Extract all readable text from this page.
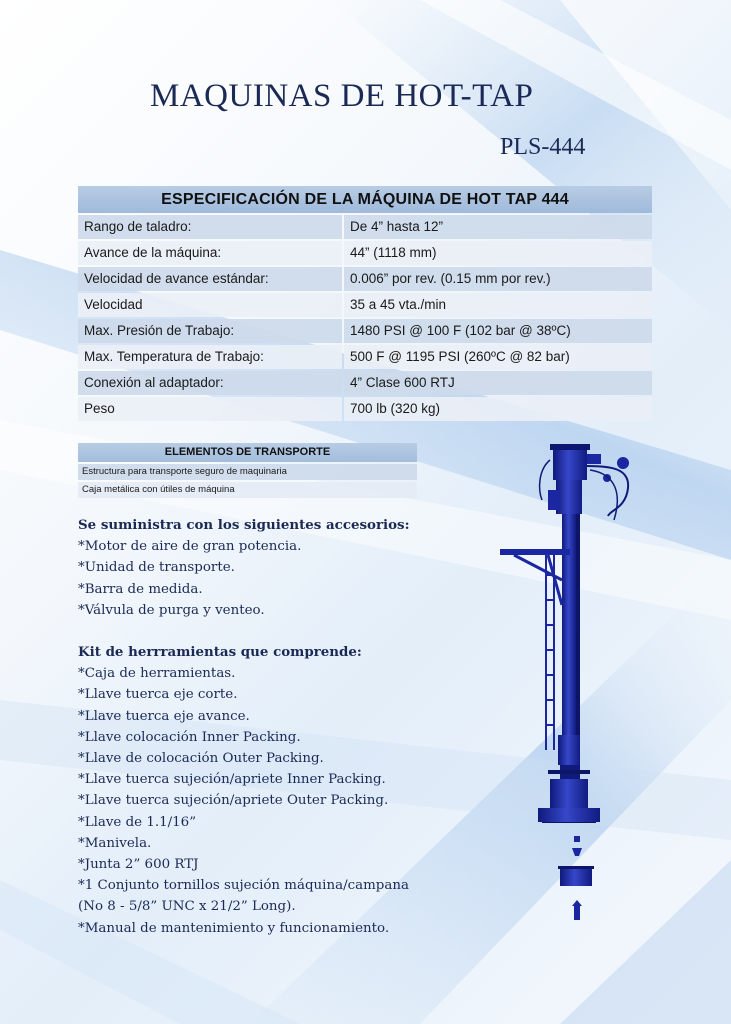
MAQUINAS DE HOT-TAP
PLS-444
ESPECIFICACIÓN DE LA MÁQUINA DE HOT TAP 444
Rango de taladro:	De 4” hasta 12”
Avance de la máquina:	44” (1118 mm)
Velocidad de avance estándar:	0.006” por rev. (0.15 mm por rev.)
Velocidad	35 a 45 vta./min
Max. Presión de Trabajo:	1480 PSI @ 100 F (102 bar @ 38ºC)
Max. Temperatura de Trabajo:	500 F @ 1195 PSI (260ºC @ 82 bar)
Conexión al adaptador:	4” Clase 600 RTJ
Peso	700 lb (320 kg)
ELEMENTOS DE TRANSPORTE
Estructura para transporte seguro de maquinaria
Caja metálica con útiles de máquina
Se suministra con los siguientes accesorios:
*Motor de aire de gran potencia.
*Unidad de transporte.
*Barra de medida.
*Válvula de purga y venteo.
Kit de herrramientas que comprende:
*Caja de herramientas.
*Llave tuerca eje corte.
*Llave tuerca eje avance.
*Llave colocación Inner Packing.
*Llave de colocación Outer Packing.
*Llave tuerca sujeción/apriete Inner Packing.
*Llave tuerca sujeción/apriete Outer Packing.
*Llave de 1.1/16”
*Manivela.
*Junta 2” 600 RTJ
*1 Conjunto tornillos sujeción máquina/campana
(No 8 - 5/8” UNC x 21/2” Long).
*Manual de mantenimiento y funcionamiento.
